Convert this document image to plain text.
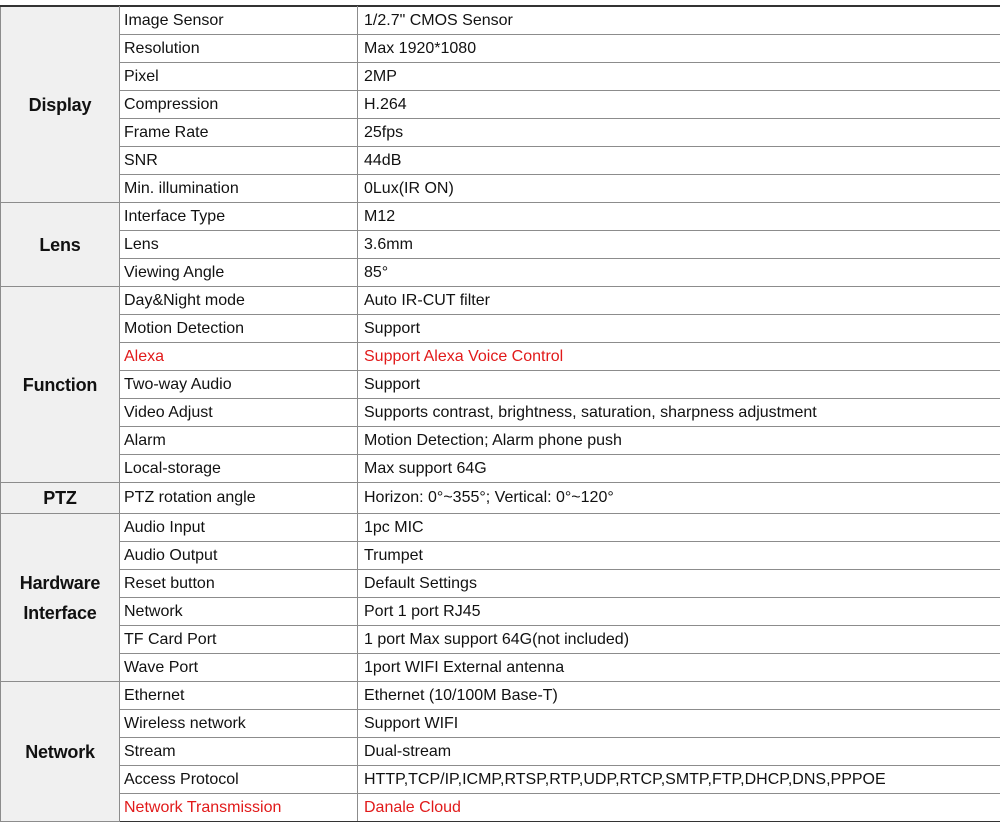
Display	Image Sensor	1/2.7" CMOS Sensor
	Resolution	Max 1920*1080
	Pixel	2MP
	Compression	H.264
	Frame Rate	25fps
	SNR	44dB
	Min. illumination	0Lux(IR ON)

Lens	Interface Type	M12
	Lens	3.6mm
	Viewing Angle	85°

Function	Day&Night mode	Auto IR-CUT filter
	Motion Detection	Support
	Alexa	Support Alexa Voice Control
	Two-way Audio	Support
	Video Adjust	Supports contrast, brightness, saturation, sharpness adjustment
	Alarm	Motion Detection; Alarm phone push
	Local-storage	Max support 64G

PTZ	PTZ rotation angle	Horizon: 0°~355°; Vertical: 0°~120°

Hardware
Interface	Audio Input	1pc MIC
	Audio Output	Trumpet
	Reset button	Default Settings
	Network	Port 1 port RJ45
	TF Card Port	1 port Max support 64G(not included)
	Wave Port	1port WIFI External antenna

Network	Ethernet	Ethernet (10/100M Base-T)
	Wireless network	Support WIFI
	Stream	Dual-stream
	Access Protocol	HTTP,TCP/IP,ICMP,RTSP,RTP,UDP,RTCP,SMTP,FTP,DHCP,DNS,PPPOE
	Network Transmission	Danale Cloud
